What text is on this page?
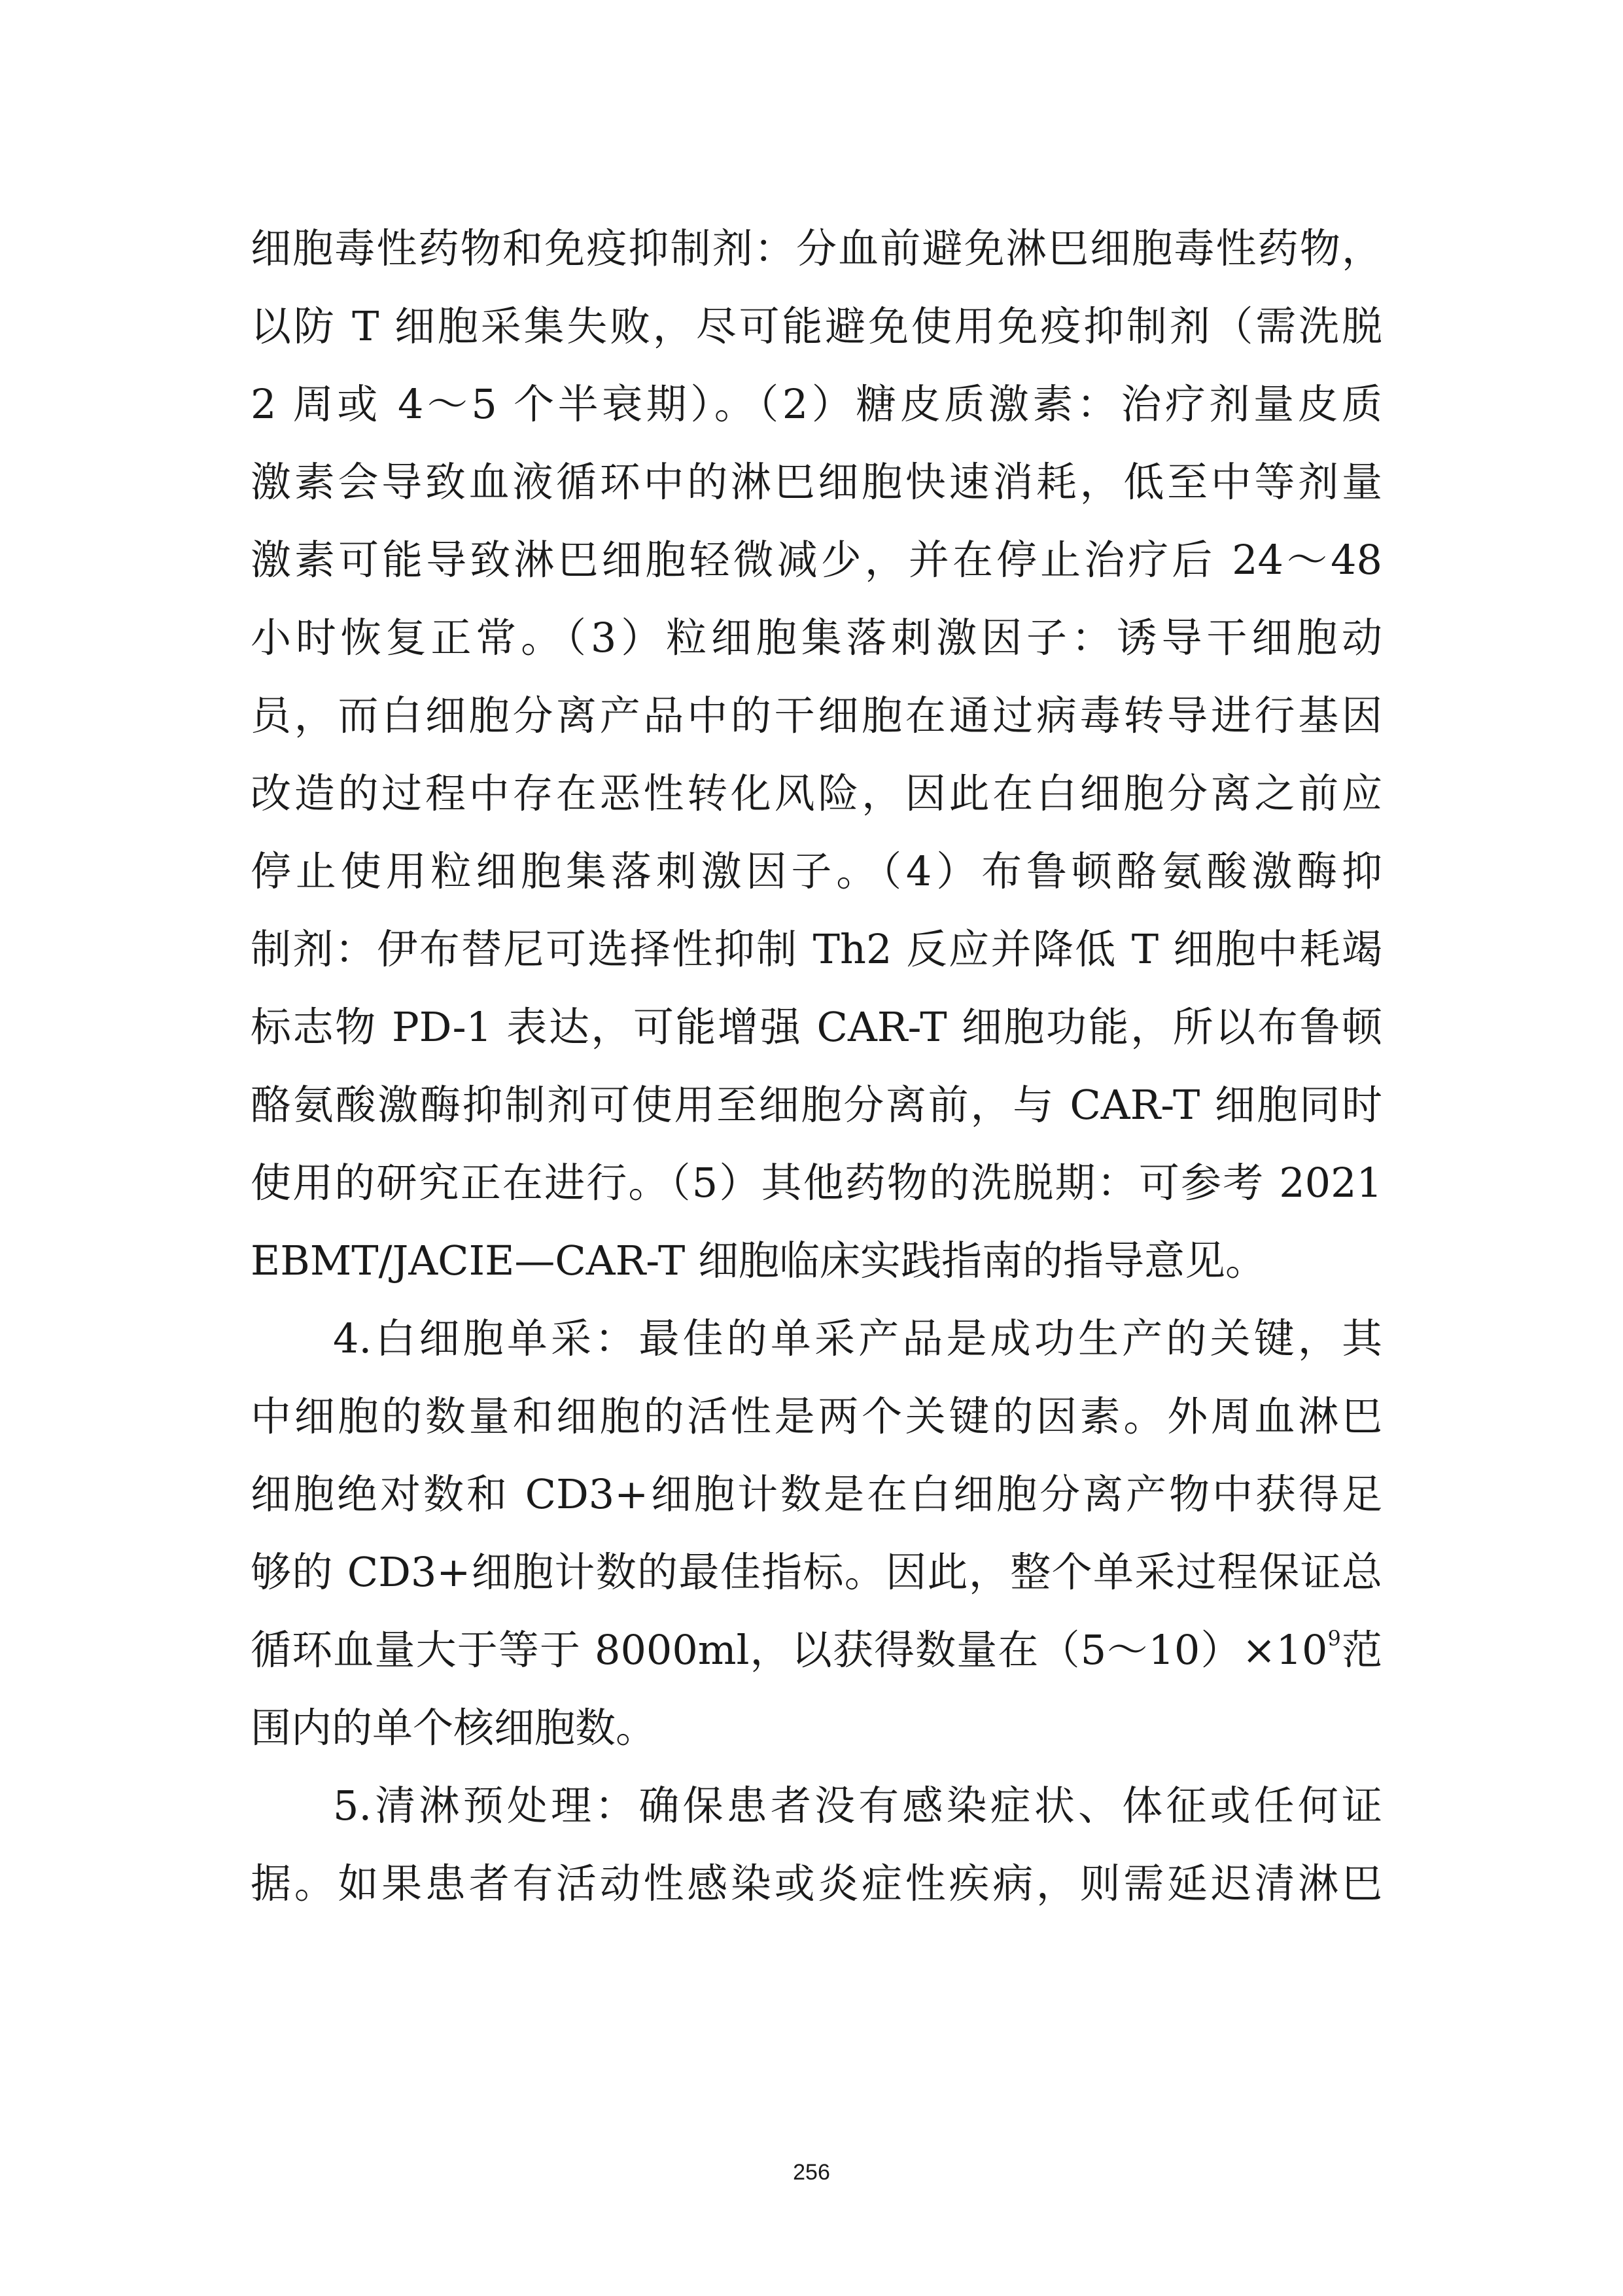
细胞毒性药物和免疫抑制剂：分血前避免淋巴细胞毒性药物，
以防 T 细胞采集失败，尽可能避免使用免疫抑制剂（需洗脱
2 周或 4～5 个半衰期）。（2）糖皮质激素：治疗剂量皮质
激素会导致血液循环中的淋巴细胞快速消耗，低至中等剂量
激素可能导致淋巴细胞轻微减少，并在停止治疗后 24～48
小时恢复正常。（3）粒细胞集落刺激因子：诱导干细胞动
员，而白细胞分离产品中的干细胞在通过病毒转导进行基因
改造的过程中存在恶性转化风险，因此在白细胞分离之前应
停止使用粒细胞集落刺激因子。（4）布鲁顿酪氨酸激酶抑
制剂：伊布替尼可选择性抑制 Th2 反应并降低 T 细胞中耗竭
标志物 PD-1 表达，可能增强 CAR-T 细胞功能，所以布鲁顿
酪氨酸激酶抑制剂可使用至细胞分离前，与 CAR-T 细胞同时
使用的研究正在进行。（5）其他药物的洗脱期：可参考 2021
EBMT/JACIE—CAR-T 细胞临床实践指南的指导意见。
4.白细胞单采：最佳的单采产品是成功生产的关键，其
中细胞的数量和细胞的活性是两个关键的因素。外周血淋巴
细胞绝对数和 CD3+细胞计数是在白细胞分离产物中获得足
够的 CD3+细胞计数的最佳指标。因此，整个单采过程保证总
循环血量大于等于 8000ml，以获得数量在$(5\sim 10)\times 10^9$范
围内的单个核细胞数。
5.清淋预处理：确保患者没有感染症状、体征或任何证
据。如果患者有活动性感染或炎症性疾病，则需延迟清淋巴
256
